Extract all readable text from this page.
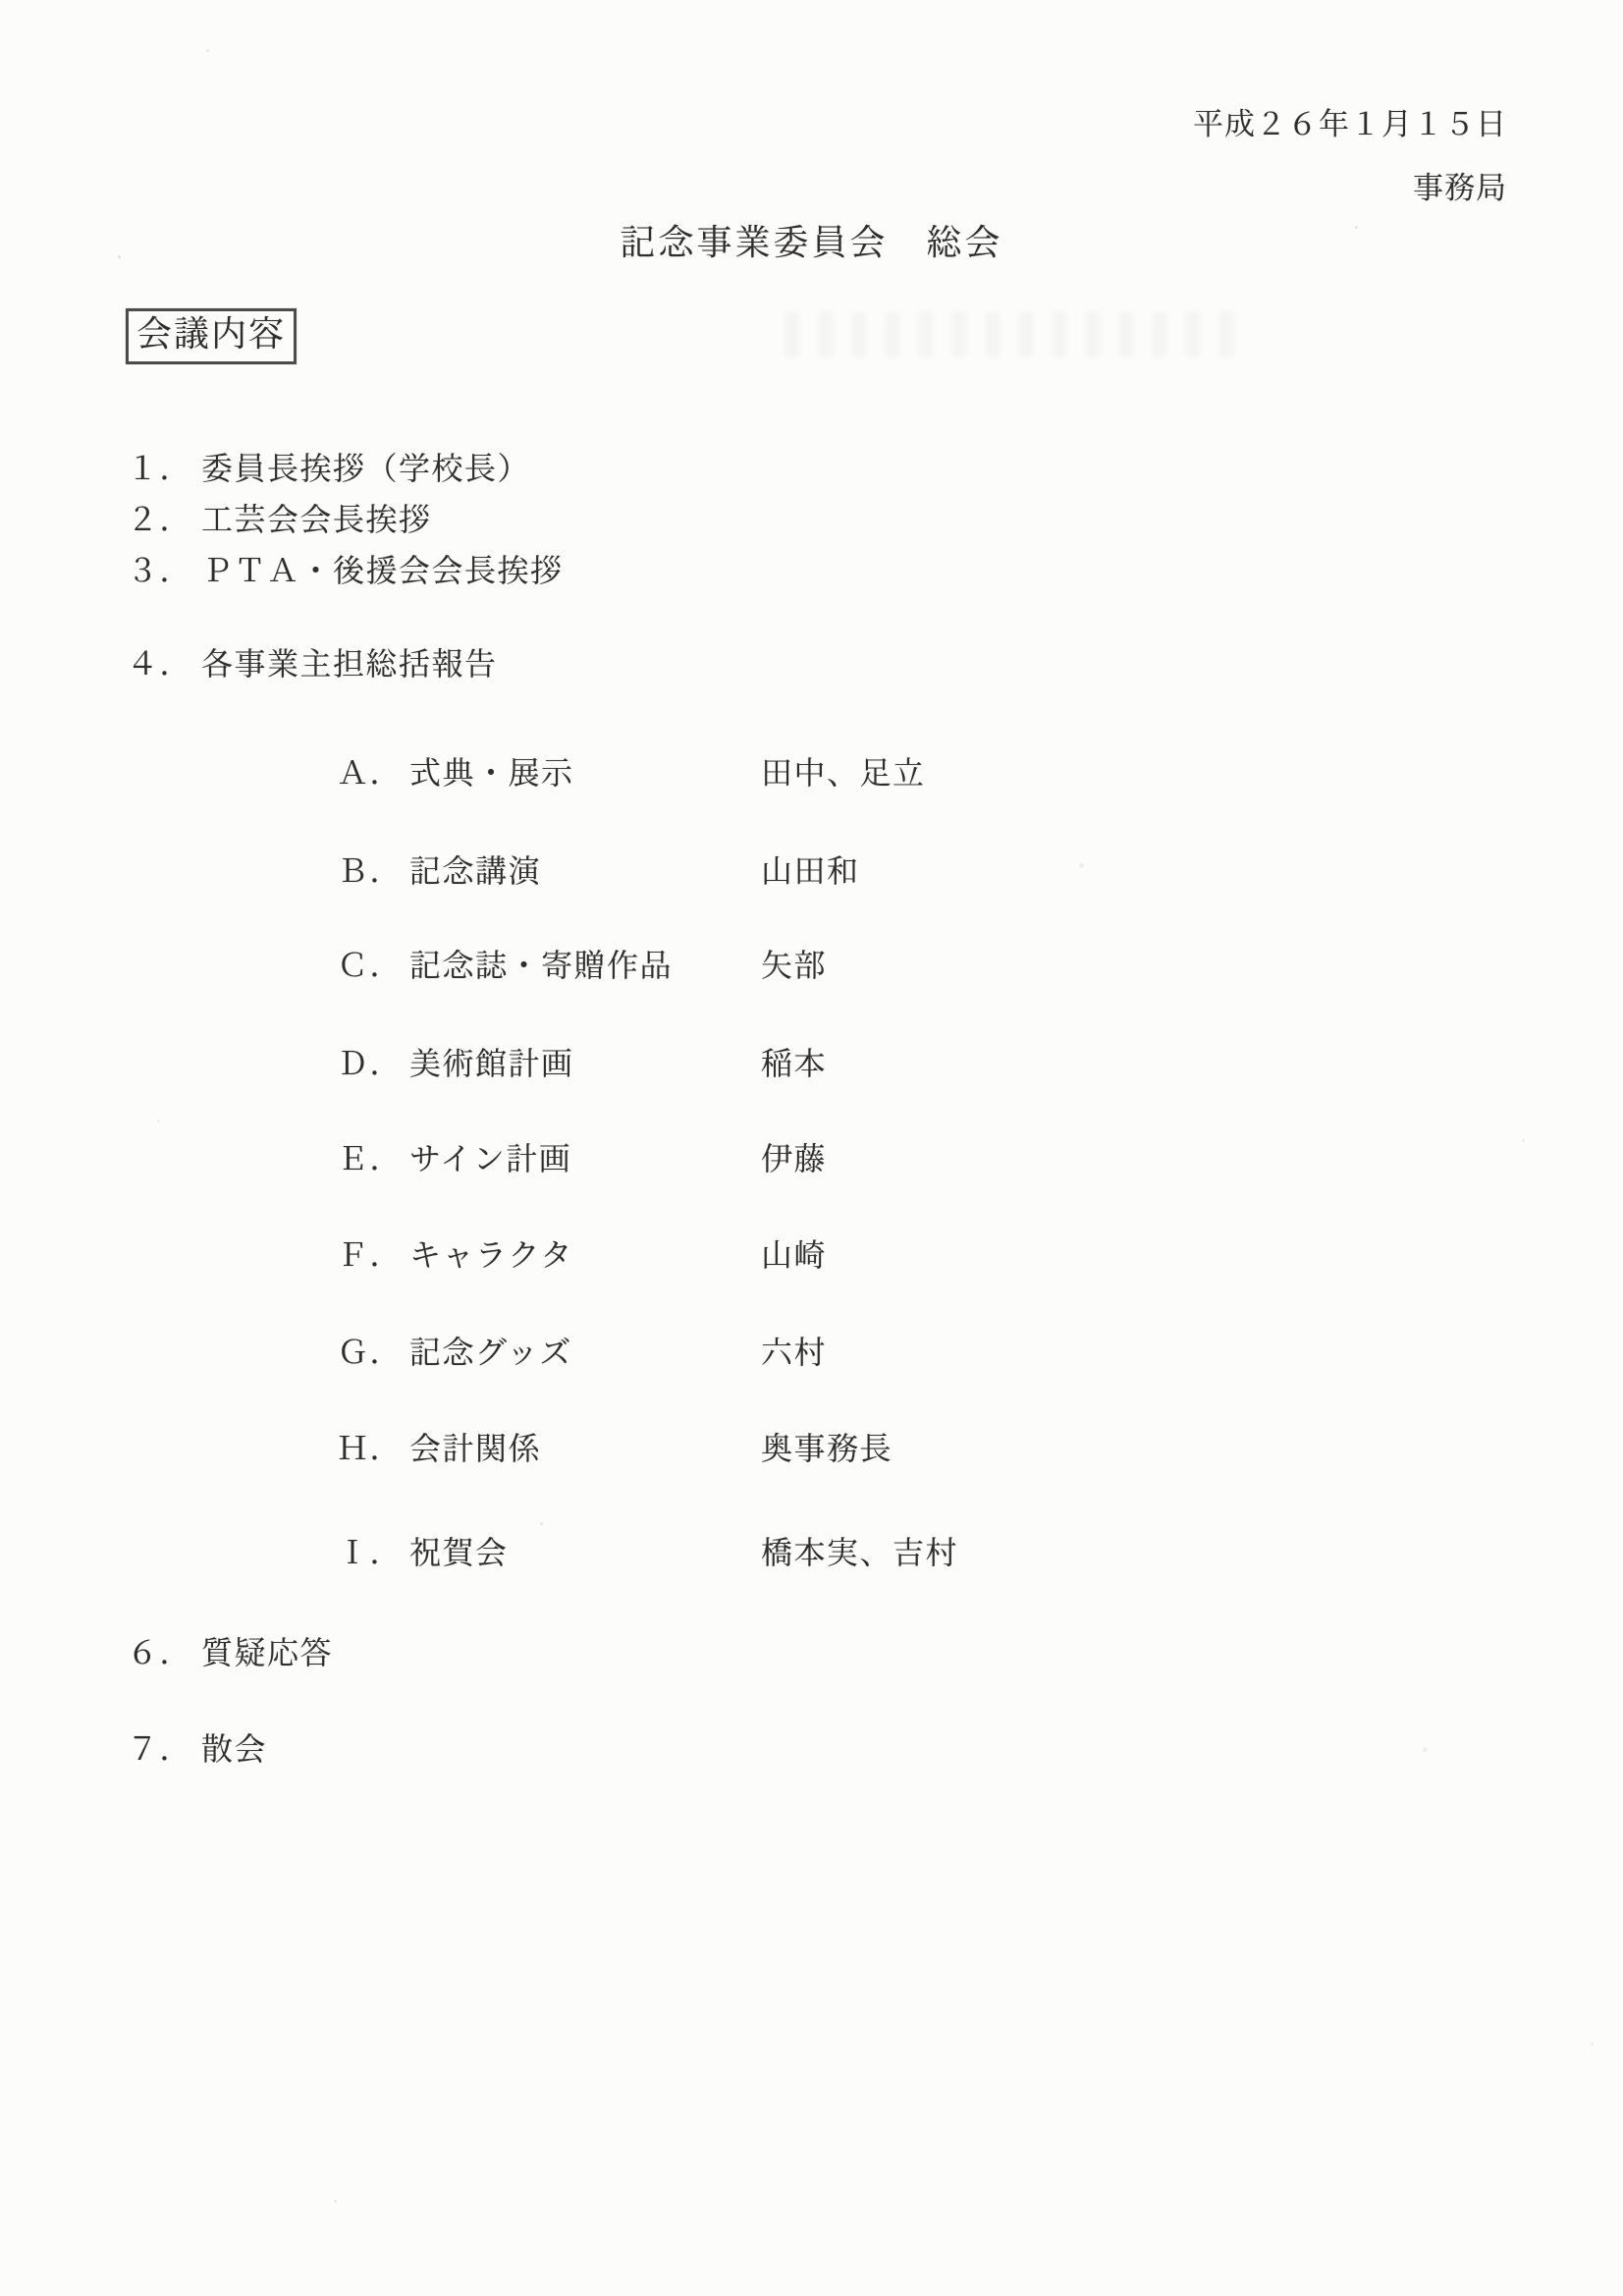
平成２６年１月１５日
事務局
記念事業委員会　総会
会議内容
１． 委員長挨拶（学校長）
２． 工芸会会長挨拶
３． ＰＴＡ・後援会会長挨拶
４． 各事業主担総括報告
Ａ． 式典・展示	田中、足立
Ｂ． 記念講演	山田和
Ｃ． 記念誌・寄贈作品	矢部
Ｄ． 美術館計画	稲本
Ｅ． サイン計画	伊藤
Ｆ． キャラクタ	山崎
Ｇ． 記念グッズ	六村
Ｈ． 会計関係	奥事務長
Ｉ． 祝賀会	橋本実、吉村
６． 質疑応答
７． 散会
